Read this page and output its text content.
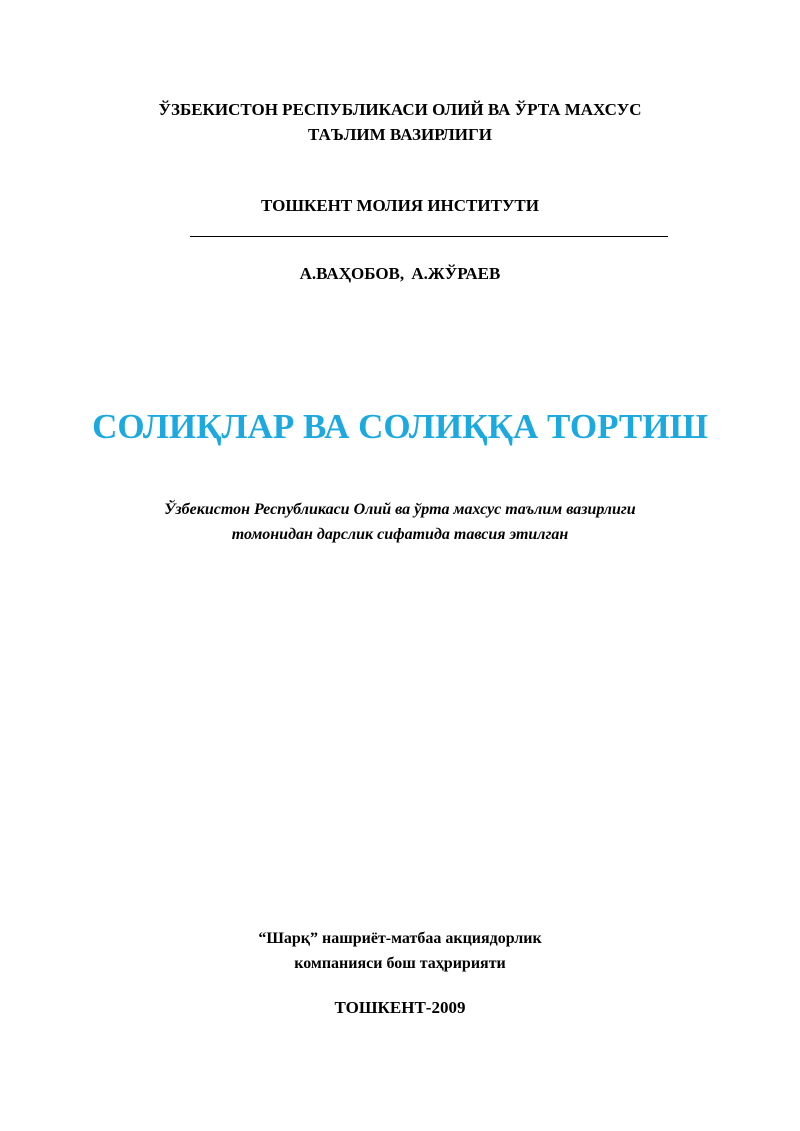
ЎЗБЕКИСТОН РЕСПУБЛИКАСИ ОЛИЙ ВА ЎРТА МАХСУС
ТАЪЛИМ ВАЗИРЛИГИ
ТОШКЕНТ МОЛИЯ ИНСТИТУТИ
А.ВАҲОБОВ, А.ЖЎРАЕВ
СОЛИҚЛАР ВА СОЛИҚҚА ТОРТИШ
Ўзбекистон Республикаси Олий ва ўрта махсус таълим вазирлиги
томонидан дарслик сифатида тавсия этилган
“Шарқ” нашриёт-матбаа акциядорлик
компанияси бош таҳририяти
ТОШКЕНТ-2009
